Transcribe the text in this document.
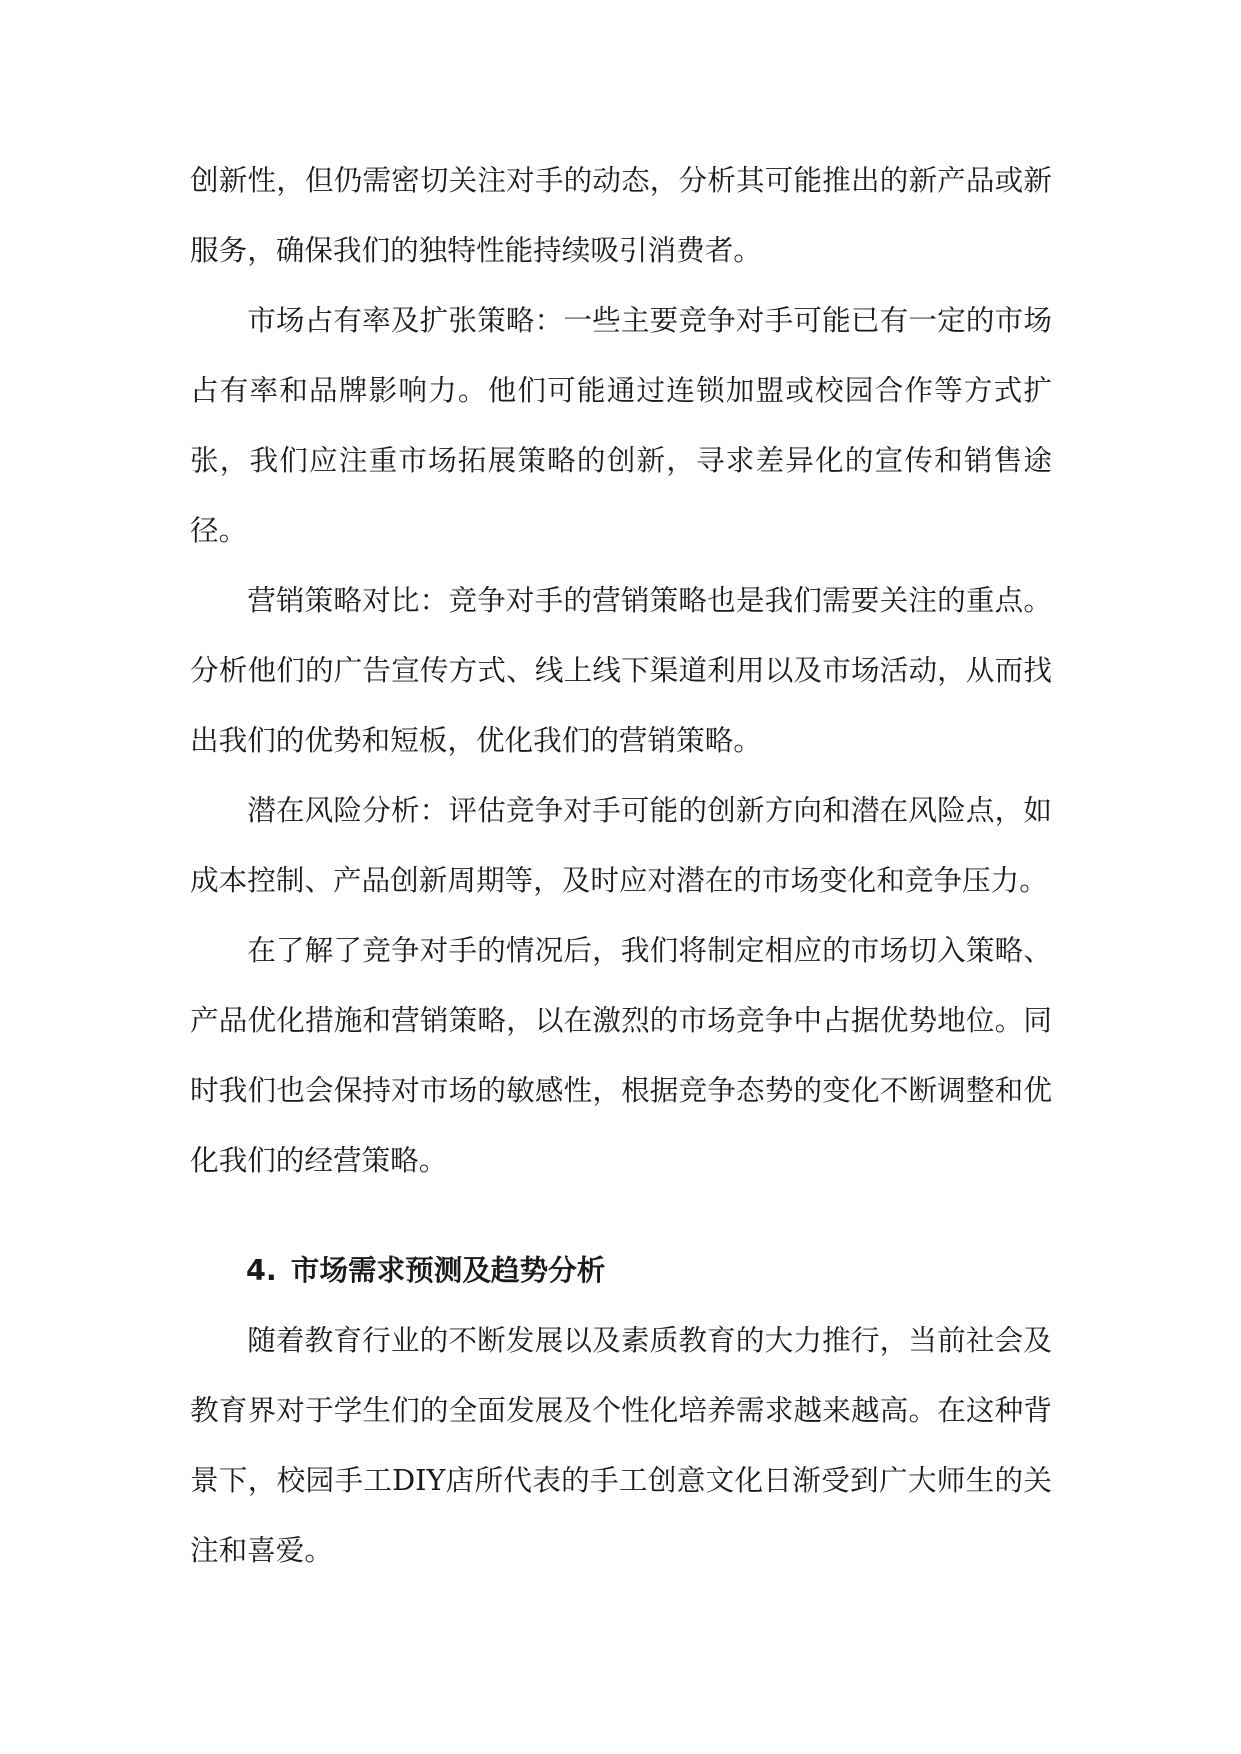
创新性，但仍需密切关注对手的动态，分析其可能推出的新产品或新服务，确保我们的独特性能持续吸引消费者。

市场占有率及扩张策略：一些主要竞争对手可能已有一定的市场占有率和品牌影响力。他们可能通过连锁加盟或校园合作等方式扩张，我们应注重市场拓展策略的创新，寻求差异化的宣传和销售途径。

营销策略对比：竞争对手的营销策略也是我们需要关注的重点。分析他们的广告宣传方式、线上线下渠道利用以及市场活动，从而找出我们的优势和短板，优化我们的营销策略。

潜在风险分析：评估竞争对手可能的创新方向和潜在风险点，如成本控制、产品创新周期等，及时应对潜在的市场变化和竞争压力。

在了解了竞争对手的情况后，我们将制定相应的市场切入策略、产品优化措施和营销策略，以在激烈的市场竞争中占据优势地位。同时我们也会保持对市场的敏感性，根据竞争态势的变化不断调整和优化我们的经营策略。

4. 市场需求预测及趋势分析

随着教育行业的不断发展以及素质教育的大力推行，当前社会及教育界对于学生们的全面发展及个性化培养需求越来越高。在这种背景下，校园手工DIY店所代表的手工创意文化日渐受到广大师生的关注和喜爱。
